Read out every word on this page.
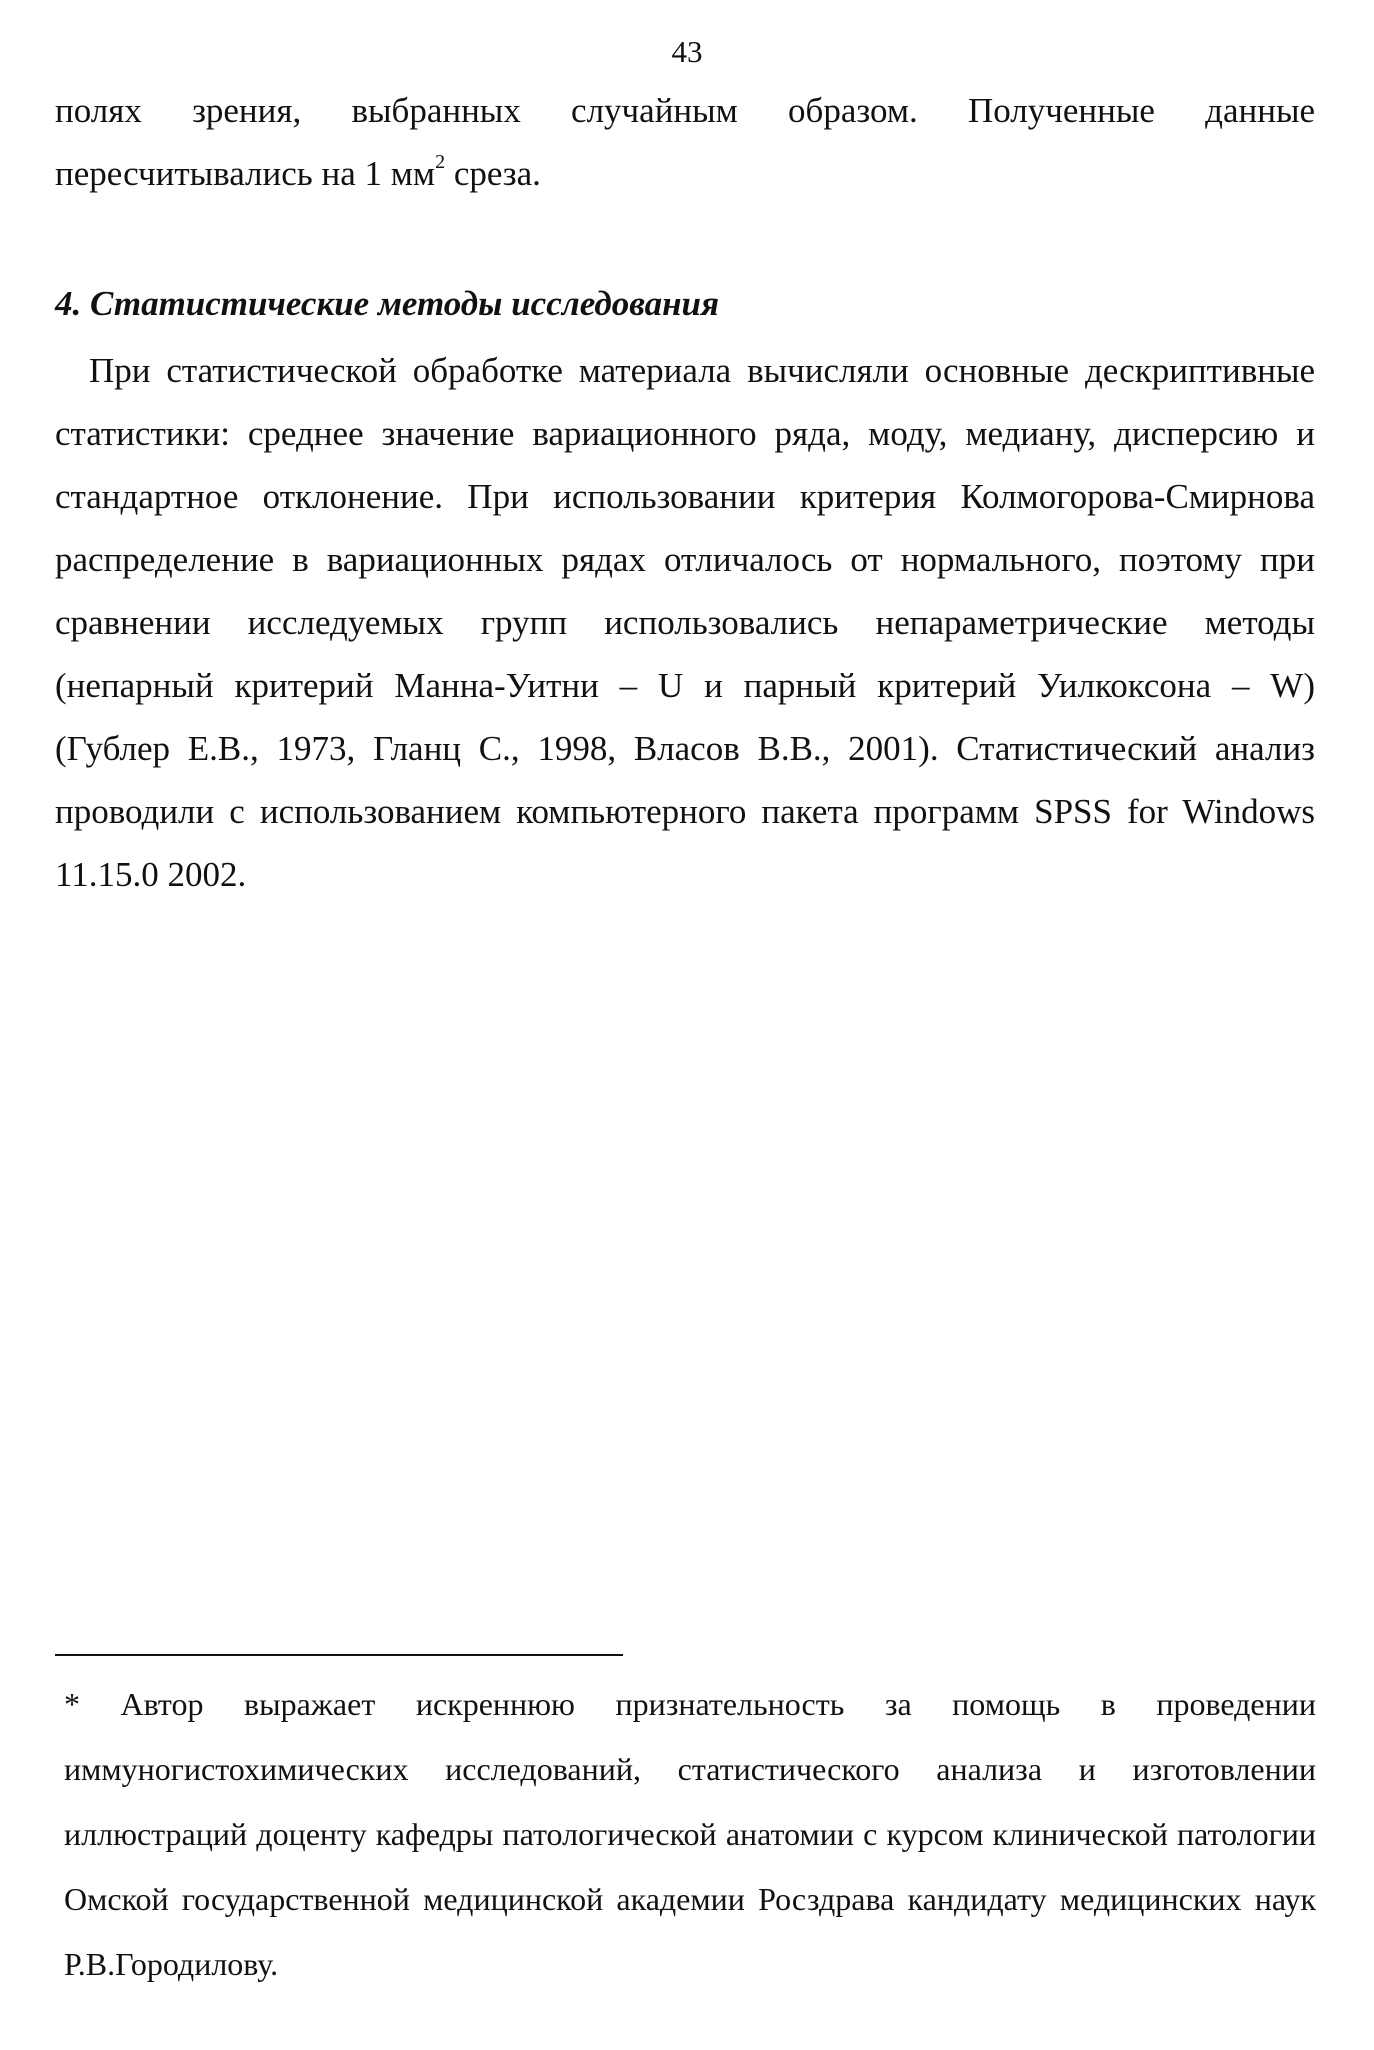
43

полях зрения, выбранных случайным образом. Полученные данные пересчитывались на 1 $мм^2$ среза.

4. Статистические методы исследования

При статистической обработке материала вычисляли основные дескриптивные статистики: среднее значение вариационного ряда, моду, медиану, дисперсию и стандартное отклонение. При использовании критерия Колмогорова-Смирнова распределение в вариационных рядах отличалось от нормального, поэтому при сравнении исследуемых групп использовались непараметрические методы (непарный критерий Манна-Уитни – U и парный критерий Уилкоксона – W) (Гублер Е.В., 1973, Гланц С., 1998, Власов В.В., 2001). Статистический анализ проводили с использованием компьютерного пакета программ SPSS for Windows 11.15.0 2002.

* Автор выражает искреннюю признательность за помощь в проведении иммуногистохимических исследований, статистического анализа и изготовлении иллюстраций доценту кафедры патологической анатомии с курсом клинической патологии Омской государственной медицинской академии Росздрава кандидату медицинских наук Р.В.Городилову.
